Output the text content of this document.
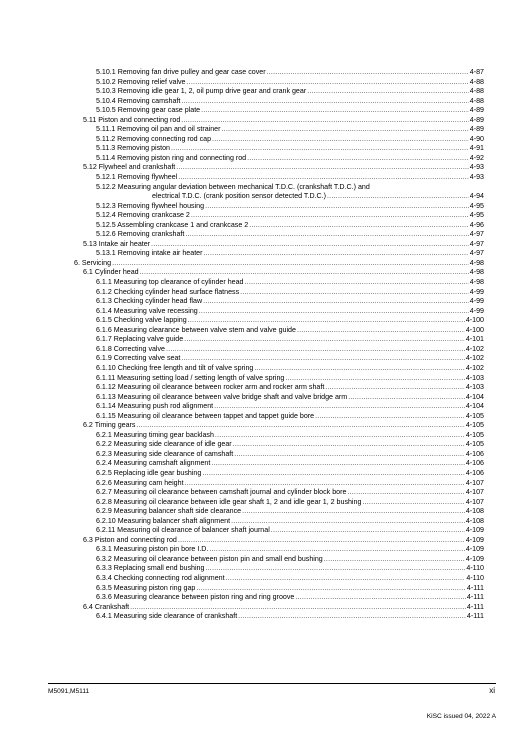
5.10.1 Removing fan drive pulley and gear case cover .....	4-87
5.10.2 Removing relief valve .....	4-88
5.10.3 Removing idle gear 1, 2, oil pump drive gear and crank gear .....	4-88
5.10.4 Removing camshaft .....	4-88
5.10.5 Removing gear case plate .....	4-89
5.11 Piston and connecting rod .....	4-89
5.11.1 Removing oil pan and oil strainer .....	4-89
5.11.2 Removing connecting rod cap .....	4-90
5.11.3 Removing piston .....	4-91
5.11.4 Removing piston ring and connecting rod .....	4-92
5.12 Flywheel and crankshaft .....	4-93
5.12.1 Removing flywheel .....	4-93
5.12.2 Measuring angular deviation between mechanical T.D.C. (crankshaft T.D.C.) and
electrical T.D.C. (crank position sensor detected T.D.C.) .....	4-94
5.12.3 Removing flywheel housing .....	4-95
5.12.4 Removing crankcase 2 .....	4-95
5.12.5 Assembling crankcase 1 and crankcase 2 .....	4-96
5.12.6 Removing crankshaft .....	4-97
5.13 Intake air heater .....	4-97
5.13.1 Removing intake air heater .....	4-97
6. Servicing .....	4-98
6.1 Cylinder head .....	4-98
6.1.1 Measuring top clearance of cylinder head .....	4-98
6.1.2 Checking cylinder head surface flatness .....	4-99
6.1.3 Checking cylinder head flaw .....	4-99
6.1.4 Measuring valve recessing .....	4-99
6.1.5 Checking valve lapping .....	4-100
6.1.6 Measuring clearance between valve stem and valve guide .....	4-100
6.1.7 Replacing valve guide .....	4-101
6.1.8 Correcting valve .....	4-102
6.1.9 Correcting valve seat .....	4-102
6.1.10 Checking free length and tilt of valve spring .....	4-102
6.1.11 Measuring setting load / setting length of valve spring .....	4-103
6.1.12 Measuring oil clearance between rocker arm and rocker arm shaft .....	4-103
6.1.13 Measuring oil clearance between valve bridge shaft and valve bridge arm .....	4-104
6.1.14 Measuring push rod alignment .....	4-104
6.1.15 Measuring oil clearance between tappet and tappet guide bore .....	4-105
6.2 Timing gears .....	4-105
6.2.1 Measuring timing gear backlash .....	4-105
6.2.2 Measuring side clearance of idle gear .....	4-105
6.2.3 Measuring side clearance of camshaft .....	4-106
6.2.4 Measuring camshaft alignment .....	4-106
6.2.5 Replacing idle gear bushing .....	4-106
6.2.6 Measuring cam height .....	4-107
6.2.7 Measuring oil clearance between camshaft journal and cylinder block bore .....	4-107
6.2.8 Measuring oil clearance between idle gear shaft 1, 2 and idle gear 1, 2 bushing .....	4-107
6.2.9 Measuring balancer shaft side clearance .....	4-108
6.2.10 Measuring balancer shaft alignment .....	4-108
6.2.11 Measuring oil clearance of balancer shaft journal .....	4-109
6.3 Piston and connecting rod .....	4-109
6.3.1 Measuring piston pin bore I.D. .....	4-109
6.3.2 Measuring oil clearance between piston pin and small end bushing .....	4-109
6.3.3 Replacing small end bushing .....	4-110
6.3.4 Checking connecting rod alignment .....	4-110
6.3.5 Measuring piston ring gap .....	4-111
6.3.6 Measuring clearance between piston ring and ring groove .....	4-111
6.4 Crankshaft .....	4-111
6.4.1 Measuring side clearance of crankshaft .....	4-111
M5091,M5111	xi
KiSC issued 04, 2022 A
